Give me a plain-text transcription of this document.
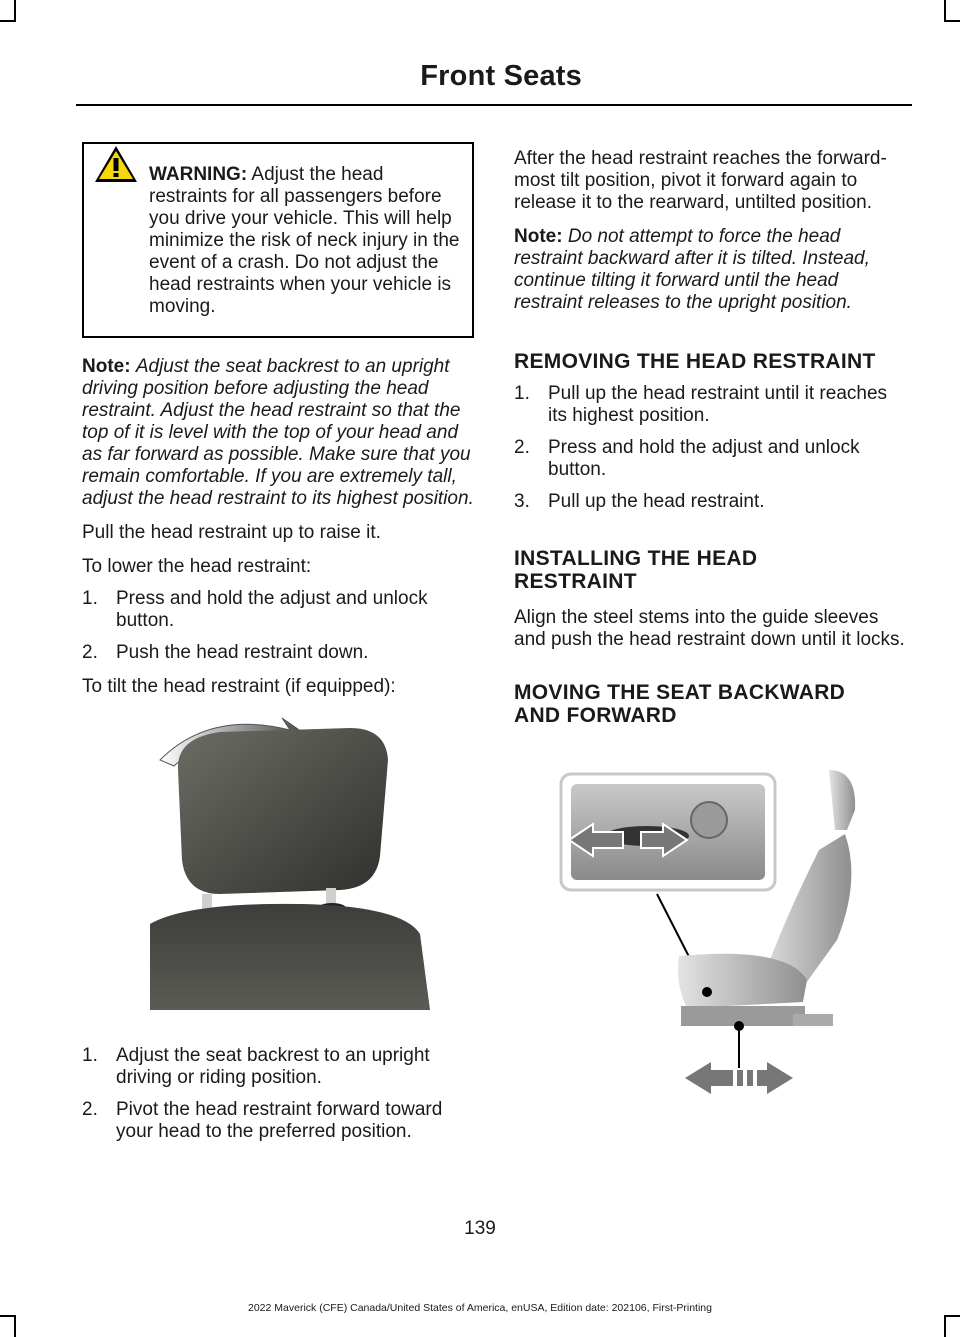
Front Seats
WARNING: Adjust the head restraints for all passengers before you drive your vehicle. This will help minimize the risk of neck injury in the event of a crash. Do not adjust the head restraints when your vehicle is moving.

Note: Adjust the seat backrest to an upright driving position before adjusting the head restraint. Adjust the head restraint so that the top of it is level with the top of your head and as far forward as possible. Make sure that you remain comfortable. If you are extremely tall, adjust the head restraint to its highest position.

Pull the head restraint up to raise it.

To lower the head restraint:

1. Press and hold the adjust and unlock button.
2. Push the head restraint down.

To tilt the head restraint (if equipped):

1. Adjust the seat backrest to an upright driving or riding position.
2. Pivot the head restraint forward toward your head to the preferred position.

After the head restraint reaches the forward-most tilt position, pivot it forward again to release it to the rearward, untilted position.

Note: Do not attempt to force the head restraint backward after it is tilted. Instead, continue tilting it forward until the head restraint releases to the upright position.

REMOVING THE HEAD RESTRAINT
1. Pull up the head restraint until it reaches its highest position.
2. Press and hold the adjust and unlock button.
3. Pull up the head restraint.
INSTALLING THE HEAD RESTRAINT

Align the steel stems into the guide sleeves and push the head restraint down until it locks.

MOVING THE SEAT BACKWARD AND FORWARD
139
2022 Maverick (CFE) Canada/United States of America, enUSA, Edition date: 202106, First-Printing
